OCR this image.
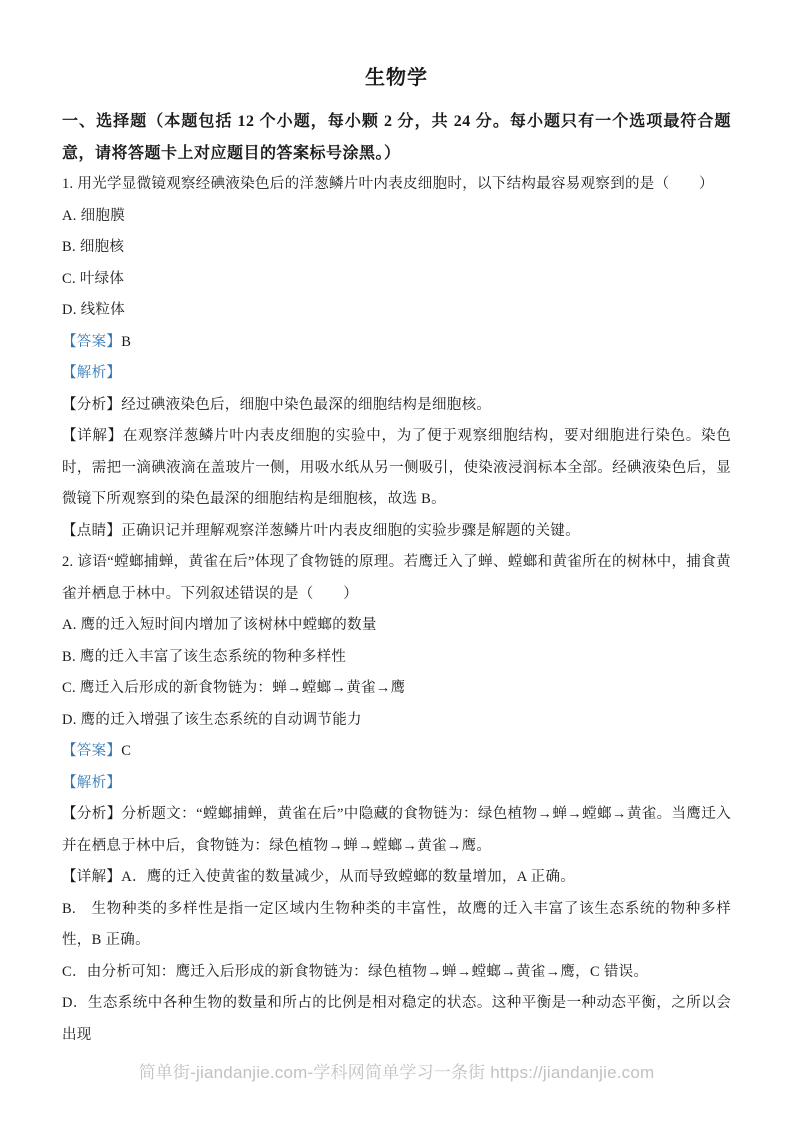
生物学

一、选择题（本题包括 12 个小题，每小颗 2 分，共 24 分。每小题只有一个选项最符合题意，请将答题卡上对应题目的答案标号涂黑。）

1. 用光学显微镜观察经碘液染色后的洋葱鳞片叶内表皮细胞时，以下结构最容易观察到的是（　　）

A. 细胞膜

B. 细胞核

C. 叶绿体

D. 线粒体

【答案】B

【解析】

【分析】经过碘液染色后，细胞中染色最深的细胞结构是细胞核。

【详解】在观察洋葱鳞片叶内表皮细胞的实验中，为了便于观察细胞结构，要对细胞进行染色。染色时，需把一滴碘液滴在盖玻片一侧，用吸水纸从另一侧吸引，使染液浸润标本全部。经碘液染色后，显微镜下所观察到的染色最深的细胞结构是细胞核，故选 B。

【点睛】正确识记并理解观察洋葱鳞片叶内表皮细胞的实验步骤是解题的关键。

2. 谚语“螳螂捕蝉，黄雀在后”体现了食物链的原理。若鹰迁入了蝉、螳螂和黄雀所在的树林中，捕食黄雀并栖息于林中。下列叙述错误的是（　　）

A. 鹰的迁入短时间内增加了该树林中螳螂的数量

B. 鹰的迁入丰富了该生态系统的物种多样性

C. 鹰迁入后形成的新食物链为：蝉→螳螂→黄雀→鹰

D. 鹰的迁入增强了该生态系统的自动调节能力

【答案】C

【解析】

【分析】分析题文：“螳螂捕蝉，黄雀在后”中隐藏的食物链为：绿色植物→蝉→螳螂→黄雀。当鹰迁入并在栖息于林中后，食物链为：绿色植物→蝉→螳螂→黄雀→鹰。

【详解】A．鹰的迁入使黄雀的数量减少，从而导致螳螂的数量增加，A 正确。

B.　生物种类的多样性是指一定区域内生物种类的丰富性，故鹰的迁入丰富了该生态系统的物种多样性，B 正确。

C．由分析可知：鹰迁入后形成的新食物链为：绿色植物→蝉→螳螂→黄雀→鹰，C 错误。

D．生态系统中各种生物的数量和所占的比例是相对稳定的状态。这种平衡是一种动态平衡，之所以会出现

简单街-jiandanjie.com-学科网简单学习一条街 https://jiandanjie.com
